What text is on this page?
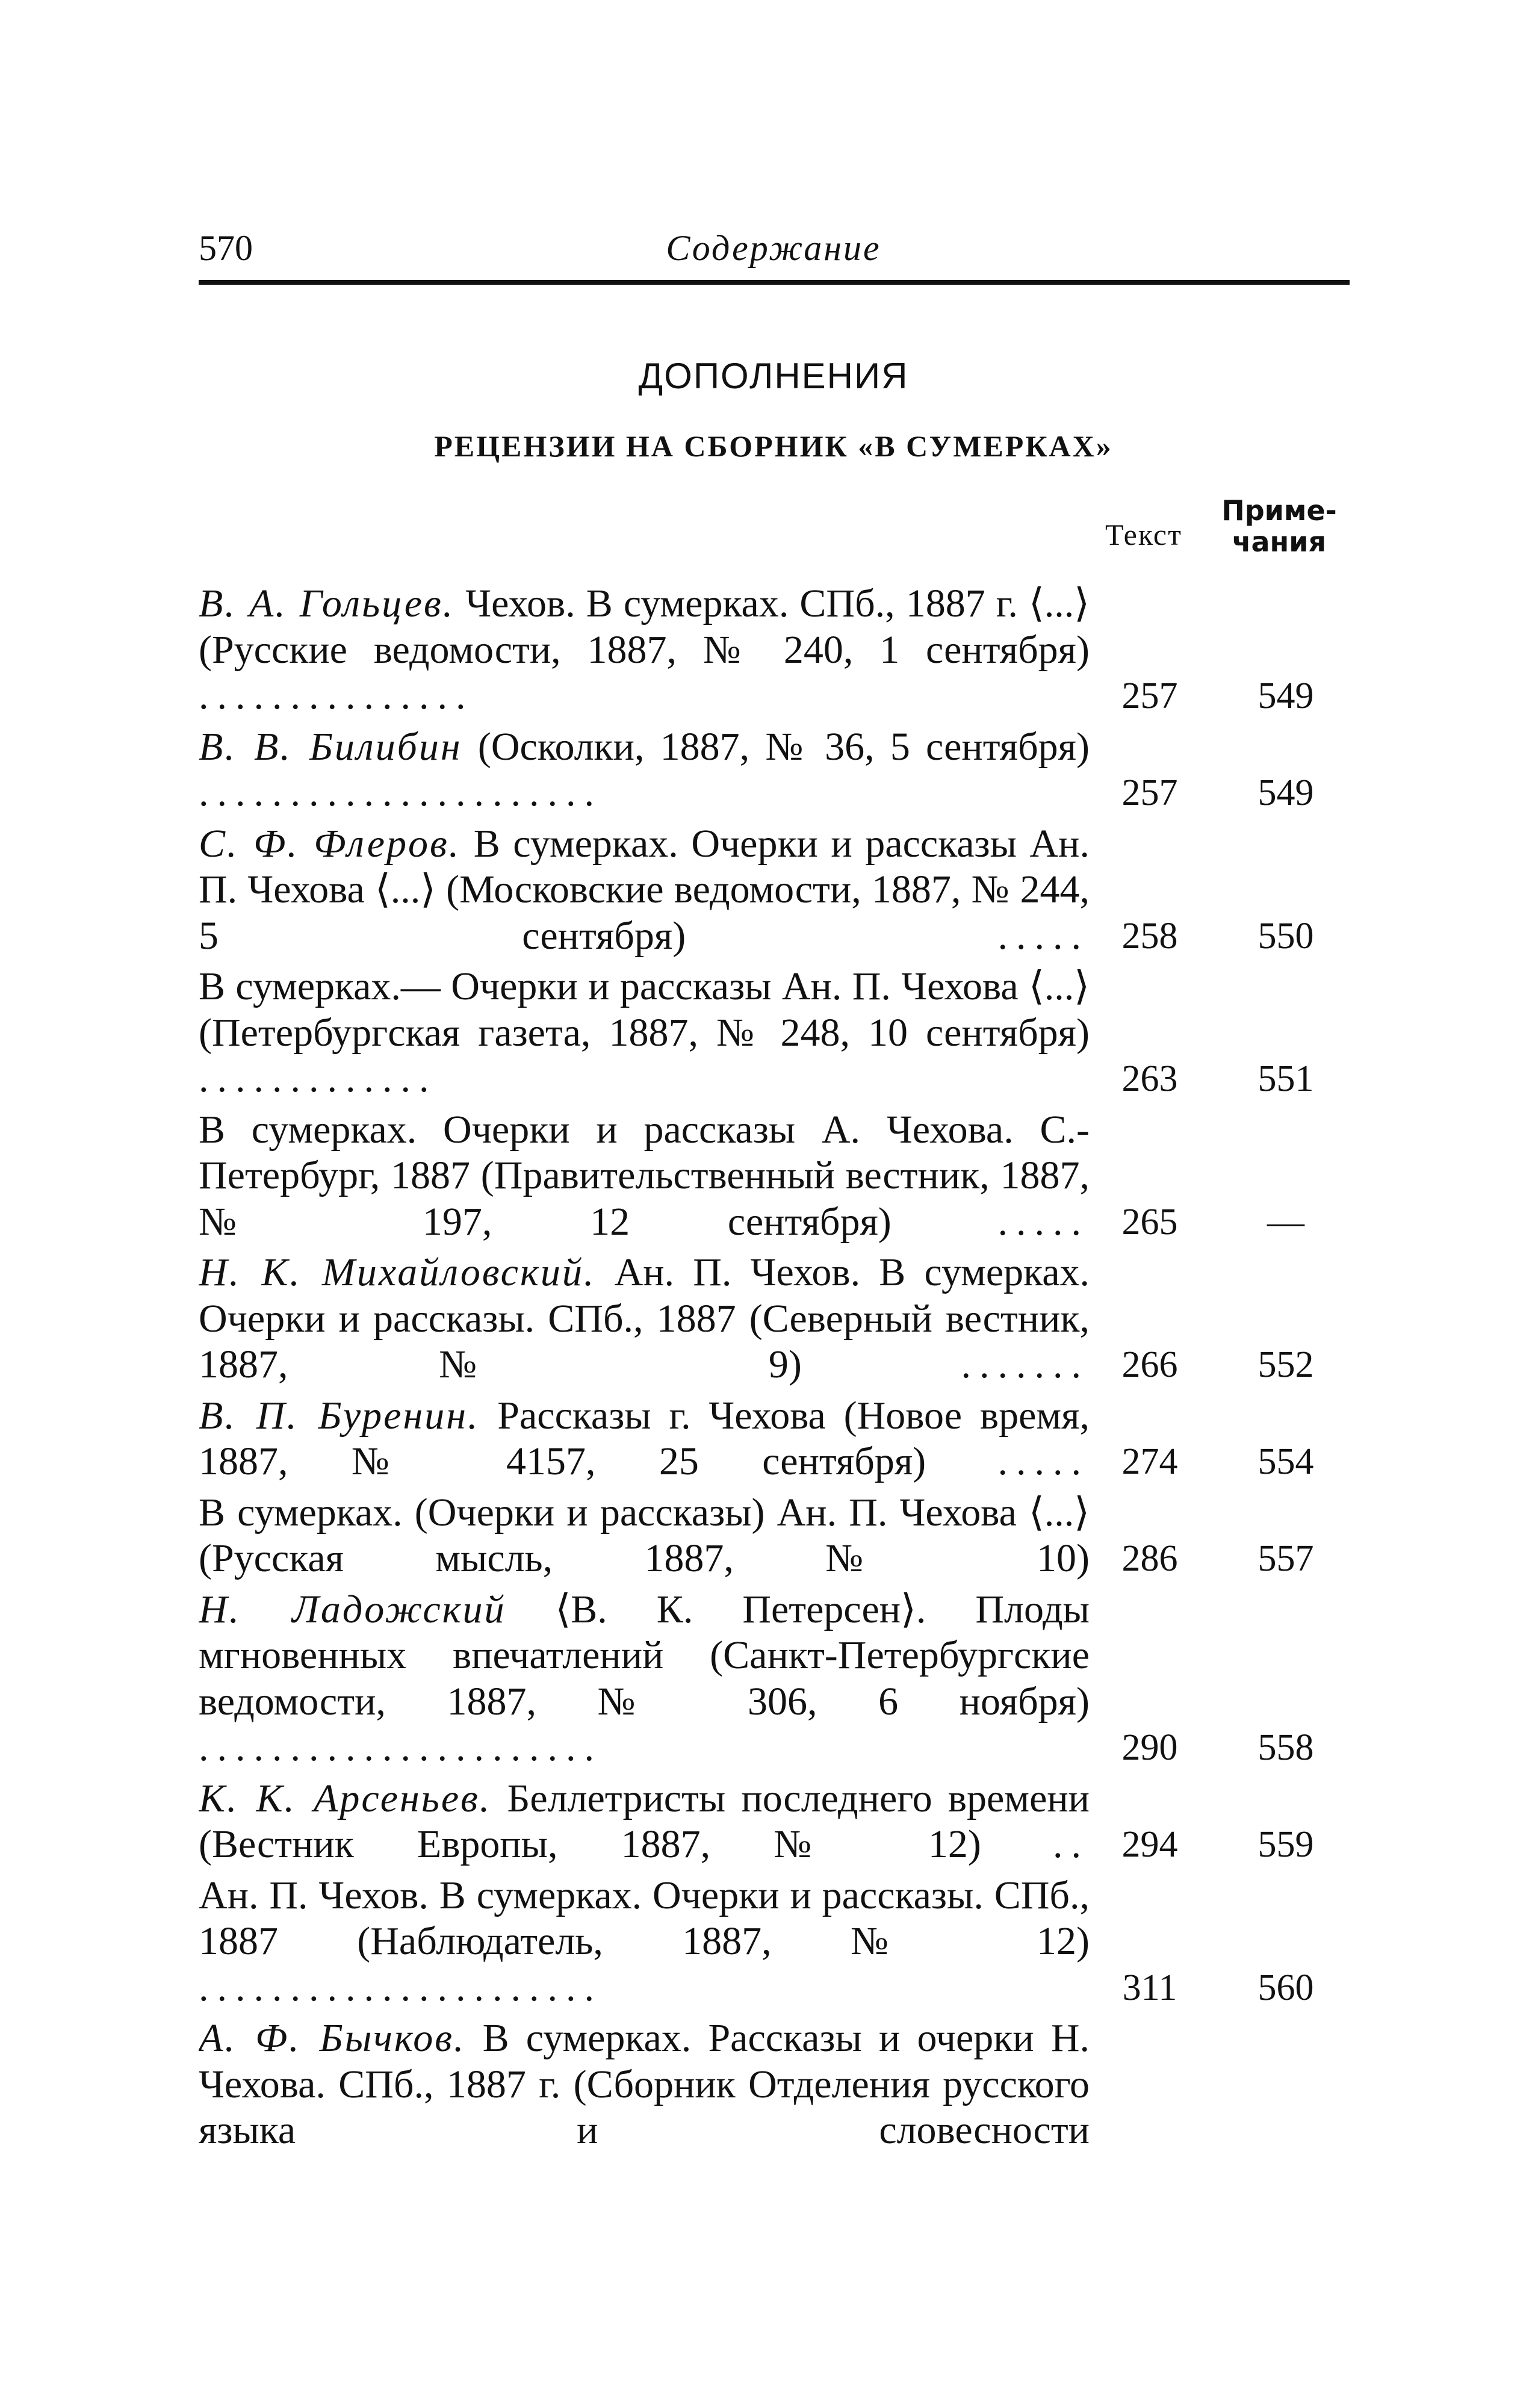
570	Содержание
ДОПОЛНЕНИЯ
РЕЦЕНЗИИ НА СБОРНИК «В СУМЕРКАХ»
Текст
Приме-
чания
В. А. Гольцев. Чехов. В сумерках. СПб., 1887 г. ⟨...⟩ (Русские ведомости, 1887, № 240, 1 сентября) ...............	257	549
В. В. Билибин (Осколки, 1887, № 36, 5 сентября) ......................	257	549
С. Ф. Флеров. В сумерках. Очерки и рассказы Ан. П. Чехова ⟨...⟩ (Московские ведомости, 1887, № 244, 5 сентября) ..... 258	550
В сумерках.— Очерки и рассказы Ан. П. Чехова ⟨...⟩ (Петербургская газета, 1887, № 248, 10 сентября) .............	263	551
В сумерках. Очерки и рассказы А. Чехова. С.-Петербург, 1887 (Правительственный вестник, 1887, № 197, 12 сентября) ..... 265	—
Н. К. Михайловский. Ан. П. Чехов. В сумерках. Очерки и рассказы. СПб., 1887 (Северный вестник, 1887, № 9) ....... 266	552
В. П. Буренин. Рассказы г. Чехова (Новое время, 1887, № 4157, 25 сентября) ..... 274	554
В сумерках. (Очерки и рассказы) Ан. П. Чехова ⟨...⟩ (Русская мысль, 1887, № 10) 286	557
Н. Ладожский ⟨В. К. Петерсен⟩. Плоды мгновенных впечатлений (Санкт-Петербургские ведомости, 1887, № 306, 6 ноября) ......................	290	558
К. К. Арсеньев. Беллетристы последнего времени (Вестник Европы, 1887, № 12) .. 294	559
Ан. П. Чехов. В сумерках. Очерки и рассказы. СПб., 1887 (Наблюдатель, 1887, № 12) ......................	311	560
А. Ф. Бычков. В сумерках. Рассказы и очерки Н. Чехова. СПб., 1887 г. (Сборник Отделения русского языка и словесности
